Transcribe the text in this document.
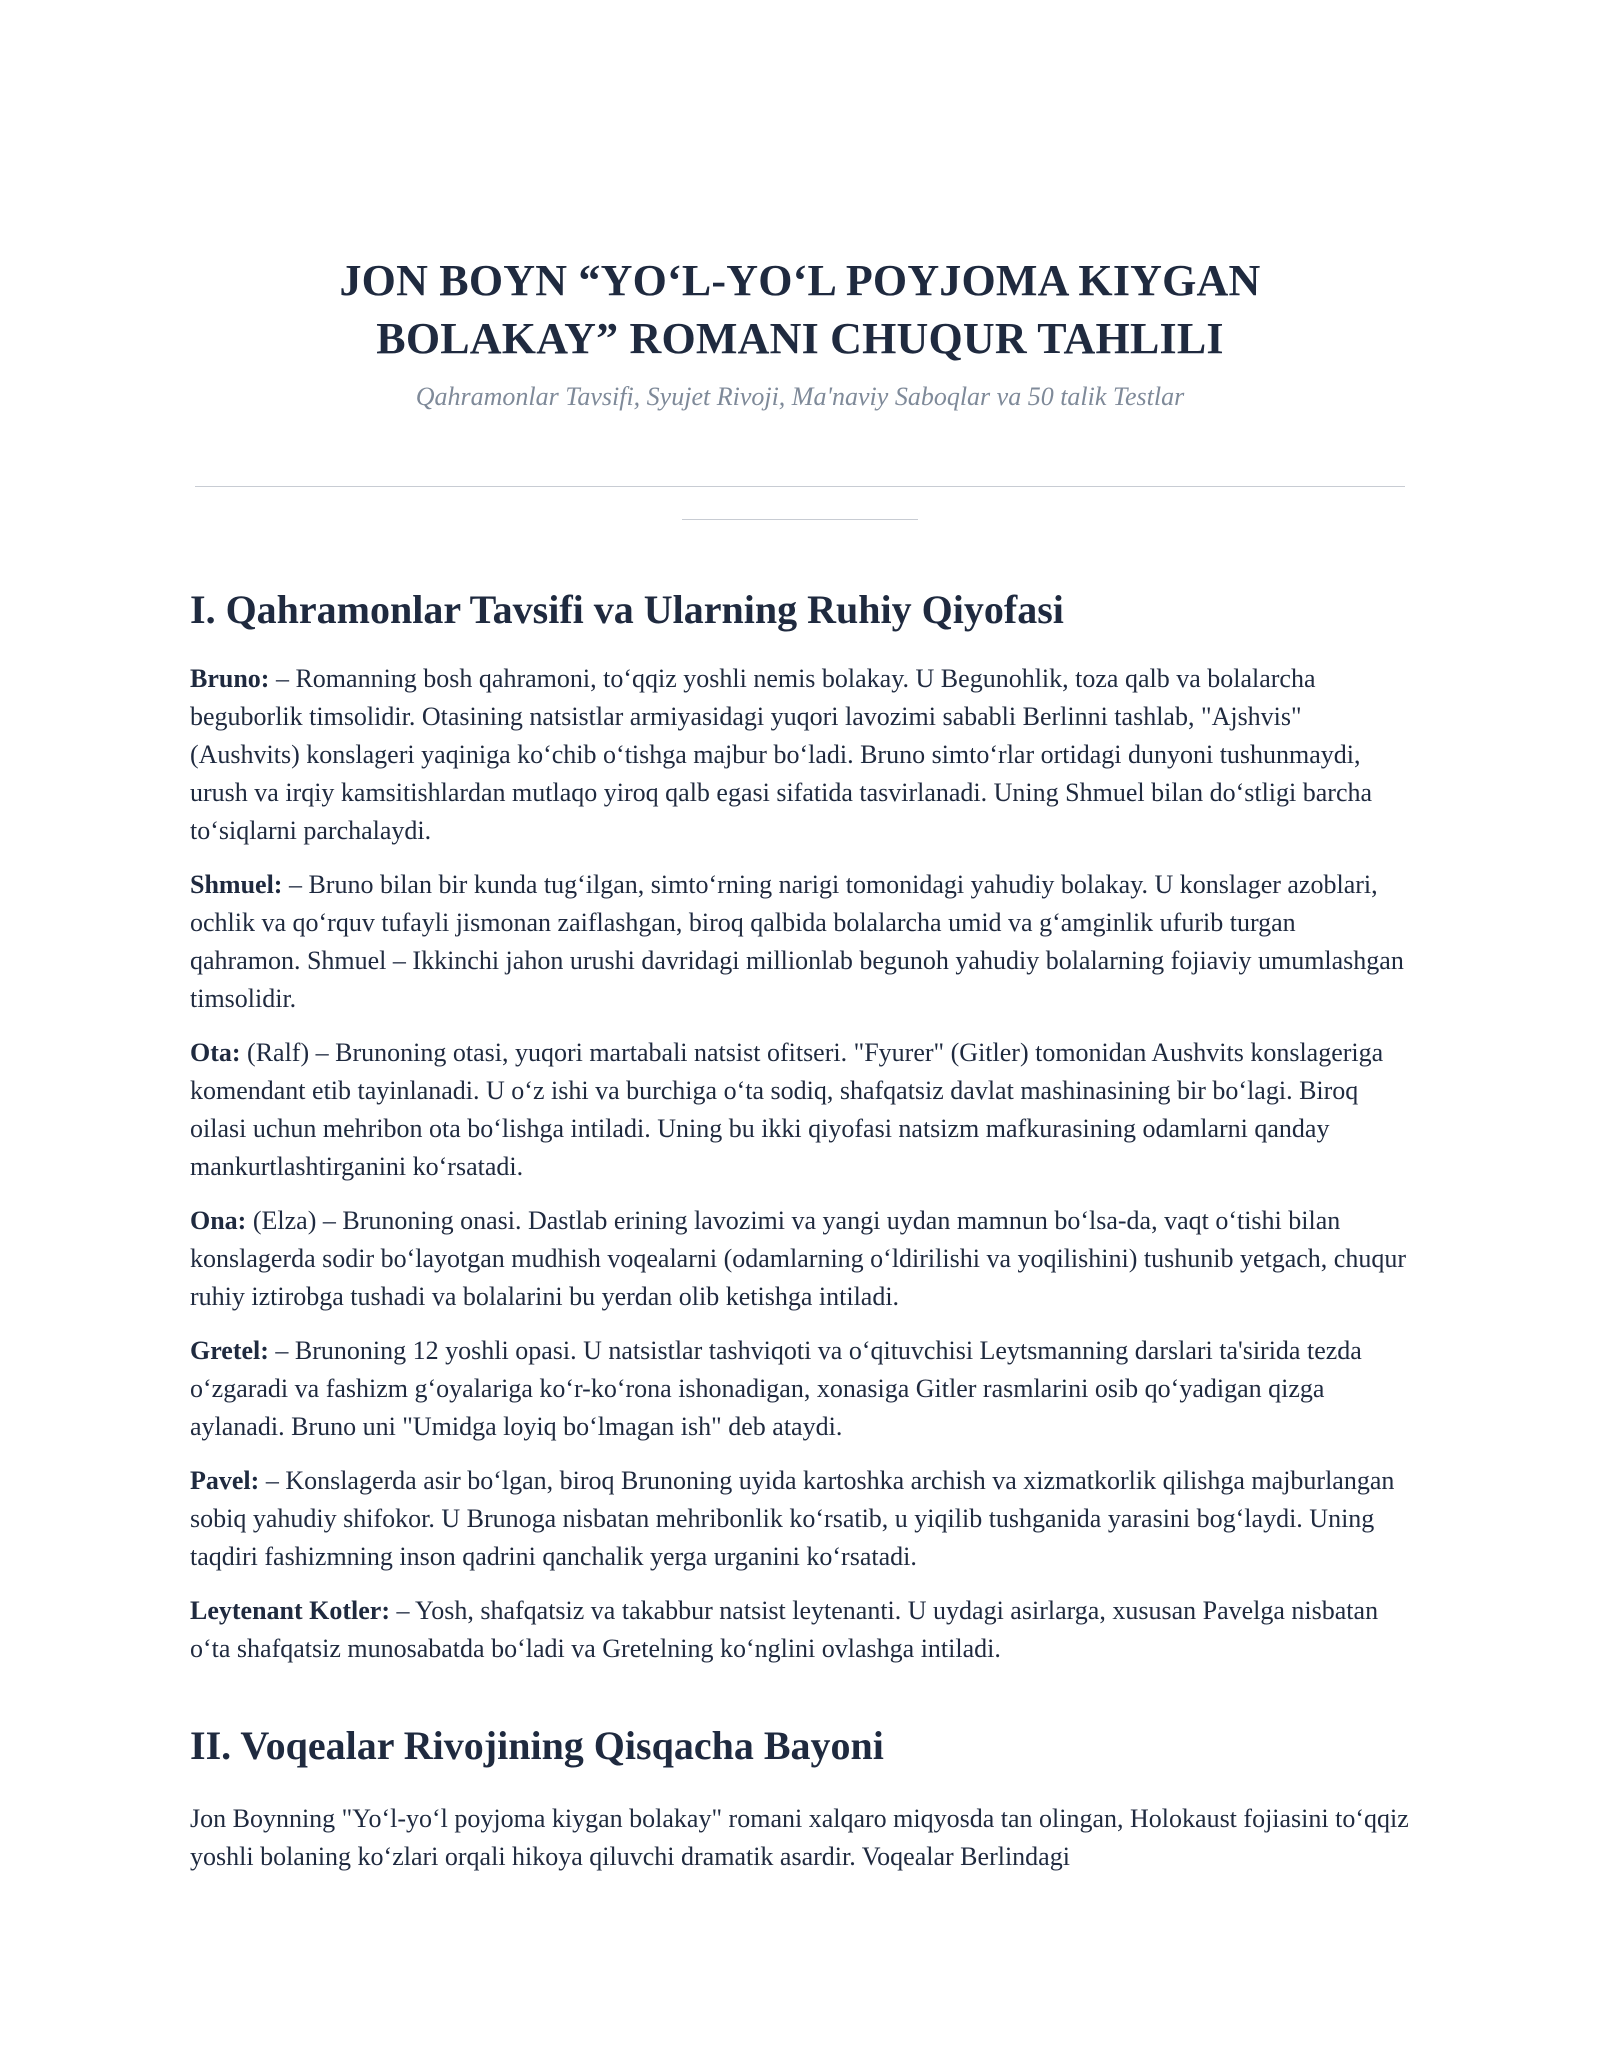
JON BOYN “YO‘L-YO‘L POYJOMA KIYGAN
BOLAKAY” ROMANI CHUQUR TAHLILI
Qahramonlar Tavsifi, Syujet Rivoji, Ma'naviy Saboqlar va 50 talik Testlar
I. Qahramonlar Tavsifi va Ularning Ruhiy Qiyofasi

Bruno: – Romanning bosh qahramoni, to‘qqiz yoshli nemis bolakay. U Begunohlik, toza qalb va bolalarcha beguborlik timsolidir. Otasining natsistlar armiyasidagi yuqori lavozimi sababli Berlinni tashlab, "Ajshvis" (Aushvits) konslageri yaqiniga ko‘chib o‘tishga majbur bo‘ladi. Bruno simto‘rlar ortidagi dunyoni tushunmaydi, urush va irqiy kamsitishlardan mutlaqo yiroq qalb egasi sifatida tasvirlanadi. Uning Shmuel bilan do‘stligi barcha to‘siqlarni parchalaydi.

Shmuel: – Bruno bilan bir kunda tug‘ilgan, simto‘rning narigi tomonidagi yahudiy bolakay. U konslager azoblari, ochlik va qo‘rquv tufayli jismonan zaiflashgan, biroq qalbida bolalarcha umid va g‘amginlik ufurib turgan qahramon. Shmuel – Ikkinchi jahon urushi davridagi millionlab begunoh yahudiy bolalarning fojiaviy umumlashgan timsolidir.

Ota: (Ralf) – Brunoning otasi, yuqori martabali natsist ofitseri. "Fyurer" (Gitler) tomonidan Aushvits konslageriga komendant etib tayinlanadi. U o‘z ishi va burchiga o‘ta sodiq, shafqatsiz davlat mashinasining bir bo‘lagi. Biroq oilasi uchun mehribon ota bo‘lishga intiladi. Uning bu ikki qiyofasi natsizm mafkurasining odamlarni qanday mankurtlashtirganini ko‘rsatadi.

Ona: (Elza) – Brunoning onasi. Dastlab erining lavozimi va yangi uydan mamnun bo‘lsa-da, vaqt o‘tishi bilan konslagerda sodir bo‘layotgan mudhish voqealarni (odamlarning o‘ldirilishi va yoqilishini) tushunib yetgach, chuqur ruhiy iztirobga tushadi va bolalarini bu yerdan olib ketishga intiladi.

Gretel: – Brunoning 12 yoshli opasi. U natsistlar tashviqoti va o‘qituvchisi Leytsmanning darslari ta'sirida tezda o‘zgaradi va fashizm g‘oyalariga ko‘r-ko‘rona ishonadigan, xonasiga Gitler rasmlarini osib qo‘yadigan qizga aylanadi. Bruno uni "Umidga loyiq bo‘lmagan ish" deb ataydi.

Pavel: – Konslagerda asir bo‘lgan, biroq Brunoning uyida kartoshka archish va xizmatkorlik qilishga majburlangan sobiq yahudiy shifokor. U Brunoga nisbatan mehribonlik ko‘rsatib, u yiqilib tushganida yarasini bog‘laydi. Uning taqdiri fashizmning inson qadrini qanchalik yerga urganini ko‘rsatadi.

Leytenant Kotler: – Yosh, shafqatsiz va takabbur natsist leytenanti. U uydagi asirlarga, xususan Pavelga nisbatan o‘ta shafqatsiz munosabatda bo‘ladi va Gretelning ko‘nglini ovlashga intiladi.

II. Voqealar Rivojining Qisqacha Bayoni

Jon Boynning "Yo‘l-yo‘l poyjoma kiygan bolakay" romani xalqaro miqyosda tan olingan, Holokaust fojiasini to‘qqiz yoshli bolaning ko‘zlari orqali hikoya qiluvchi dramatik asardir. Voqealar Berlindagi
